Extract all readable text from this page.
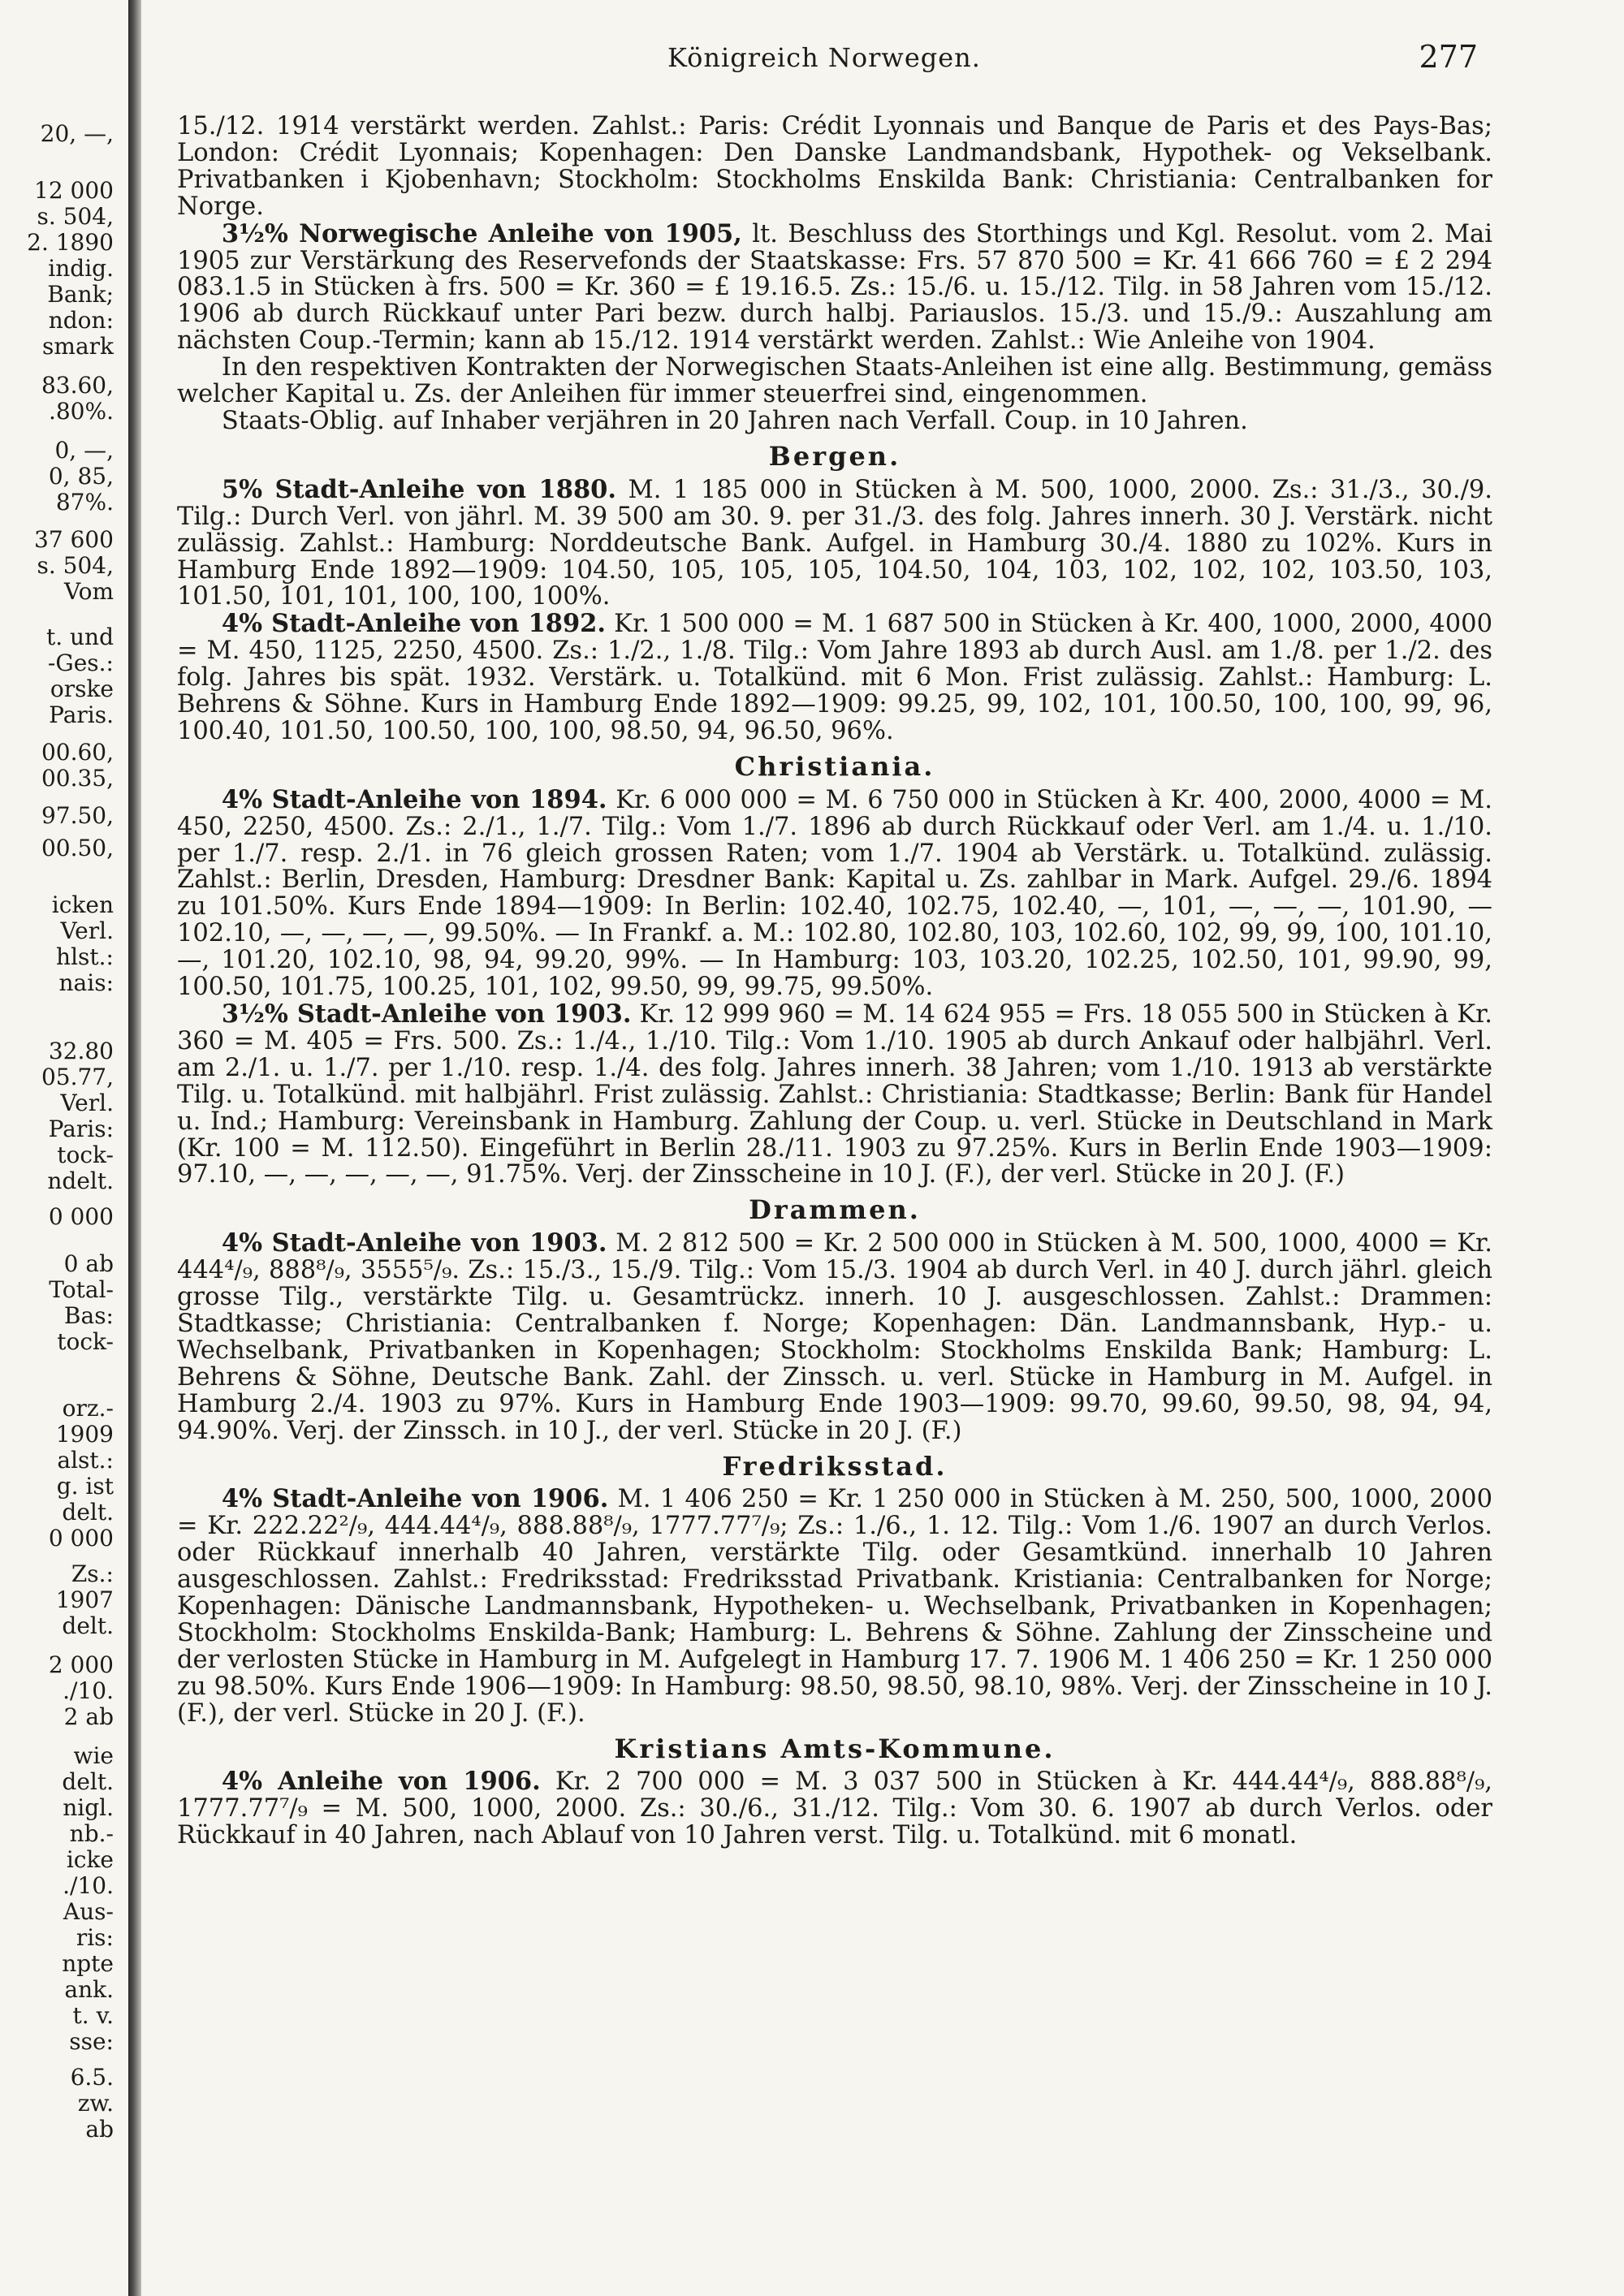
20, —,
12 000
s. 504,
2. 1890
indig.
Bank;
ndon:
smark
83.60,
.80%.
0, —,
0, 85,
87%.
37 600
s. 504,
Vom
t. und
-Ges.:
orske
Paris.
00.60,
00.35,
97.50,
00.50,
icken
Verl.
hlst.:
nais:
32.80
05.77,
Verl.
Paris:
tock-
ndelt.
0 000
0 ab
Total-
Bas:
tock-
orz.-
1909
alst.:
g. ist
delt.
0 000
Zs.:
1907
delt.
2 000
./10.
2 ab
wie
delt.
nigl.
nb.-
icke
./10.
Aus-
ris:
npte
ank.
t. v.
sse:
6.5.
zw.
ab
Königreich Norwegen.	277

15./12. 1914 verstärkt werden. Zahlst.: Paris: Crédit Lyonnais und Banque de Paris et des Pays-Bas; London: Crédit Lyonnais; Kopenhagen: Den Danske Landmandsbank, Hypothek- og Vekselbank. Privatbanken i Kjobenhavn; Stockholm: Stockholms Enskilda Bank: Christiania: Centralbanken for Norge.

3½% Norwegische Anleihe von 1905, lt. Beschluss des Storthings und Kgl. Resolut. vom 2. Mai 1905 zur Verstärkung des Reservefonds der Staatskasse: Frs. 57 870 500 = Kr. 41 666 760 = £ 2 294 083.1.5 in Stücken à frs. 500 = Kr. 360 = £ 19.16.5. Zs.: 15./6. u. 15./12. Tilg. in 58 Jahren vom 15./12. 1906 ab durch Rückkauf unter Pari bezw. durch halbj. Pariauslos. 15./3. und 15./9.: Auszahlung am nächsten Coup.-Termin; kann ab 15./12. 1914 verstärkt werden. Zahlst.: Wie Anleihe von 1904.

In den respektiven Kontrakten der Norwegischen Staats-Anleihen ist eine allg. Bestimmung, gemäss welcher Kapital u. Zs. der Anleihen für immer steuerfrei sind, eingenommen.

Staats-Oblig. auf Inhaber verjähren in 20 Jahren nach Verfall. Coup. in 10 Jahren.

Bergen.

5% Stadt-Anleihe von 1880. M. 1 185 000 in Stücken à M. 500, 1000, 2000. Zs.: 31./3., 30./9. Tilg.: Durch Verl. von jährl. M. 39 500 am 30. 9. per 31./3. des folg. Jahres innerh. 30 J. Verstärk. nicht zulässig. Zahlst.: Hamburg: Norddeutsche Bank. Aufgel. in Hamburg 30./4. 1880 zu 102%. Kurs in Hamburg Ende 1892—1909: 104.50, 105, 105, 105, 104.50, 104, 103, 102, 102, 102, 103.50, 103, 101.50, 101, 101, 100, 100, 100%.

4% Stadt-Anleihe von 1892. Kr. 1 500 000 = M. 1 687 500 in Stücken à Kr. 400, 1000, 2000, 4000 = M. 450, 1125, 2250, 4500. Zs.: 1./2., 1./8. Tilg.: Vom Jahre 1893 ab durch Ausl. am 1./8. per 1./2. des folg. Jahres bis spät. 1932. Verstärk. u. Totalkünd. mit 6 Mon. Frist zulässig. Zahlst.: Hamburg: L. Behrens & Söhne. Kurs in Hamburg Ende 1892—1909: 99.25, 99, 102, 101, 100.50, 100, 100, 99, 96, 100.40, 101.50, 100.50, 100, 100, 98.50, 94, 96.50, 96%.

Christiania.

4% Stadt-Anleihe von 1894. Kr. 6 000 000 = M. 6 750 000 in Stücken à Kr. 400, 2000, 4000 = M. 450, 2250, 4500. Zs.: 2./1., 1./7. Tilg.: Vom 1./7. 1896 ab durch Rückkauf oder Verl. am 1./4. u. 1./10. per 1./7. resp. 2./1. in 76 gleich grossen Raten; vom 1./7. 1904 ab Verstärk. u. Totalkünd. zulässig. Zahlst.: Berlin, Dresden, Hamburg: Dresdner Bank: Kapital u. Zs. zahlbar in Mark. Aufgel. 29./6. 1894 zu 101.50%. Kurs Ende 1894—1909: In Berlin: 102.40, 102.75, 102.40, —, 101, —, —, —, 101.90, — 102.10, —, —, —, —, 99.50%. — In Frankf. a. M.: 102.80, 102.80, 103, 102.60, 102, 99, 99, 100, 101.10, —, 101.20, 102.10, 98, 94, 99.20, 99%. — In Hamburg: 103, 103.20, 102.25, 102.50, 101, 99.90, 99, 100.50, 101.75, 100.25, 101, 102, 99.50, 99, 99.75, 99.50%.

3½% Stadt-Anleihe von 1903. Kr. 12 999 960 = M. 14 624 955 = Frs. 18 055 500 in Stücken à Kr. 360 = M. 405 = Frs. 500. Zs.: 1./4., 1./10. Tilg.: Vom 1./10. 1905 ab durch Ankauf oder halbjährl. Verl. am 2./1. u. 1./7. per 1./10. resp. 1./4. des folg. Jahres innerh. 38 Jahren; vom 1./10. 1913 ab verstärkte Tilg. u. Totalkünd. mit halbjährl. Frist zulässig. Zahlst.: Christiania: Stadtkasse; Berlin: Bank für Handel u. Ind.; Hamburg: Vereinsbank in Hamburg. Zahlung der Coup. u. verl. Stücke in Deutschland in Mark (Kr. 100 = M. 112.50). Eingeführt in Berlin 28./11. 1903 zu 97.25%. Kurs in Berlin Ende 1903—1909: 97.10, —, —, —, —, —, 91.75%. Verj. der Zinsscheine in 10 J. (F.), der verl. Stücke in 20 J. (F.)

Drammen.

4% Stadt-Anleihe von 1903. M. 2 812 500 = Kr. 2 500 000 in Stücken à M. 500, 1000, 4000 = Kr. 444⁴/₉, 888⁸/₉, 3555⁵/₉. Zs.: 15./3., 15./9. Tilg.: Vom 15./3. 1904 ab durch Verl. in 40 J. durch jährl. gleich grosse Tilg., verstärkte Tilg. u. Gesamtrückz. innerh. 10 J. ausgeschlossen. Zahlst.: Drammen: Stadtkasse; Christiania: Centralbanken f. Norge; Kopenhagen: Dän. Landmannsbank, Hyp.- u. Wechselbank, Privatbanken in Kopenhagen; Stockholm: Stockholms Enskilda Bank; Hamburg: L. Behrens & Söhne, Deutsche Bank. Zahl. der Zinssch. u. verl. Stücke in Hamburg in M. Aufgel. in Hamburg 2./4. 1903 zu 97%. Kurs in Hamburg Ende 1903—1909: 99.70, 99.60, 99.50, 98, 94, 94, 94.90%. Verj. der Zinssch. in 10 J., der verl. Stücke in 20 J. (F.)

Fredriksstad.

4% Stadt-Anleihe von 1906. M. 1 406 250 = Kr. 1 250 000 in Stücken à M. 250, 500, 1000, 2000 = Kr. 222.22²/₉, 444.44⁴/₉, 888.88⁸/₉, 1777.77⁷/₉; Zs.: 1./6., 1. 12. Tilg.: Vom 1./6. 1907 an durch Verlos. oder Rückkauf innerhalb 40 Jahren, verstärkte Tilg. oder Gesamtkünd. innerhalb 10 Jahren ausgeschlossen. Zahlst.: Fredriksstad: Fredriksstad Privatbank. Kristiania: Centralbanken for Norge; Kopenhagen: Dänische Landmannsbank, Hypotheken- u. Wechselbank, Privatbanken in Kopenhagen; Stockholm: Stockholms Enskilda-Bank; Hamburg: L. Behrens & Söhne. Zahlung der Zinsscheine und der verlosten Stücke in Hamburg in M. Aufgelegt in Hamburg 17. 7. 1906 M. 1 406 250 = Kr. 1 250 000 zu 98.50%. Kurs Ende 1906—1909: In Hamburg: 98.50, 98.50, 98.10, 98%. Verj. der Zinsscheine in 10 J. (F.), der verl. Stücke in 20 J. (F.).

Kristians Amts-Kommune.

4% Anleihe von 1906. Kr. 2 700 000 = M. 3 037 500 in Stücken à Kr. 444.44⁴/₉, 888.88⁸/₉, 1777.77⁷/₉ = M. 500, 1000, 2000. Zs.: 30./6., 31./12. Tilg.: Vom 30. 6. 1907 ab durch Verlos. oder Rückkauf in 40 Jahren, nach Ablauf von 10 Jahren verst. Tilg. u. Totalkünd. mit 6 monatl.
